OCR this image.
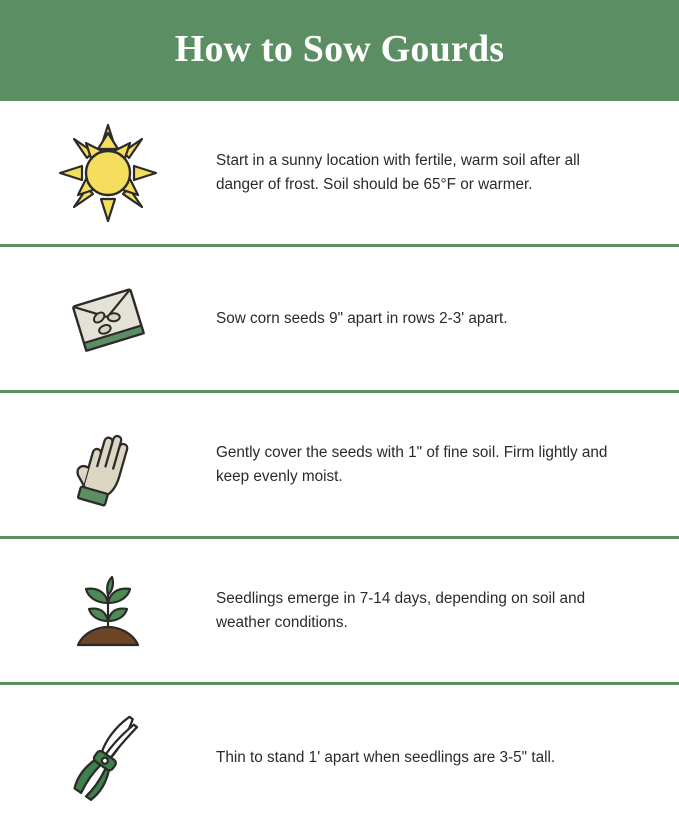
How to Sow Gourds
Start in a sunny location with fertile, warm soil after all danger of frost. Soil should be 65°F or warmer.
Sow corn seeds 9" apart in rows 2-3' apart.
Gently cover the seeds with 1" of fine soil. Firm lightly and keep evenly moist.
Seedlings emerge in 7-14 days, depending on soil and weather conditions.
Thin to stand 1' apart when seedlings are 3-5" tall.
